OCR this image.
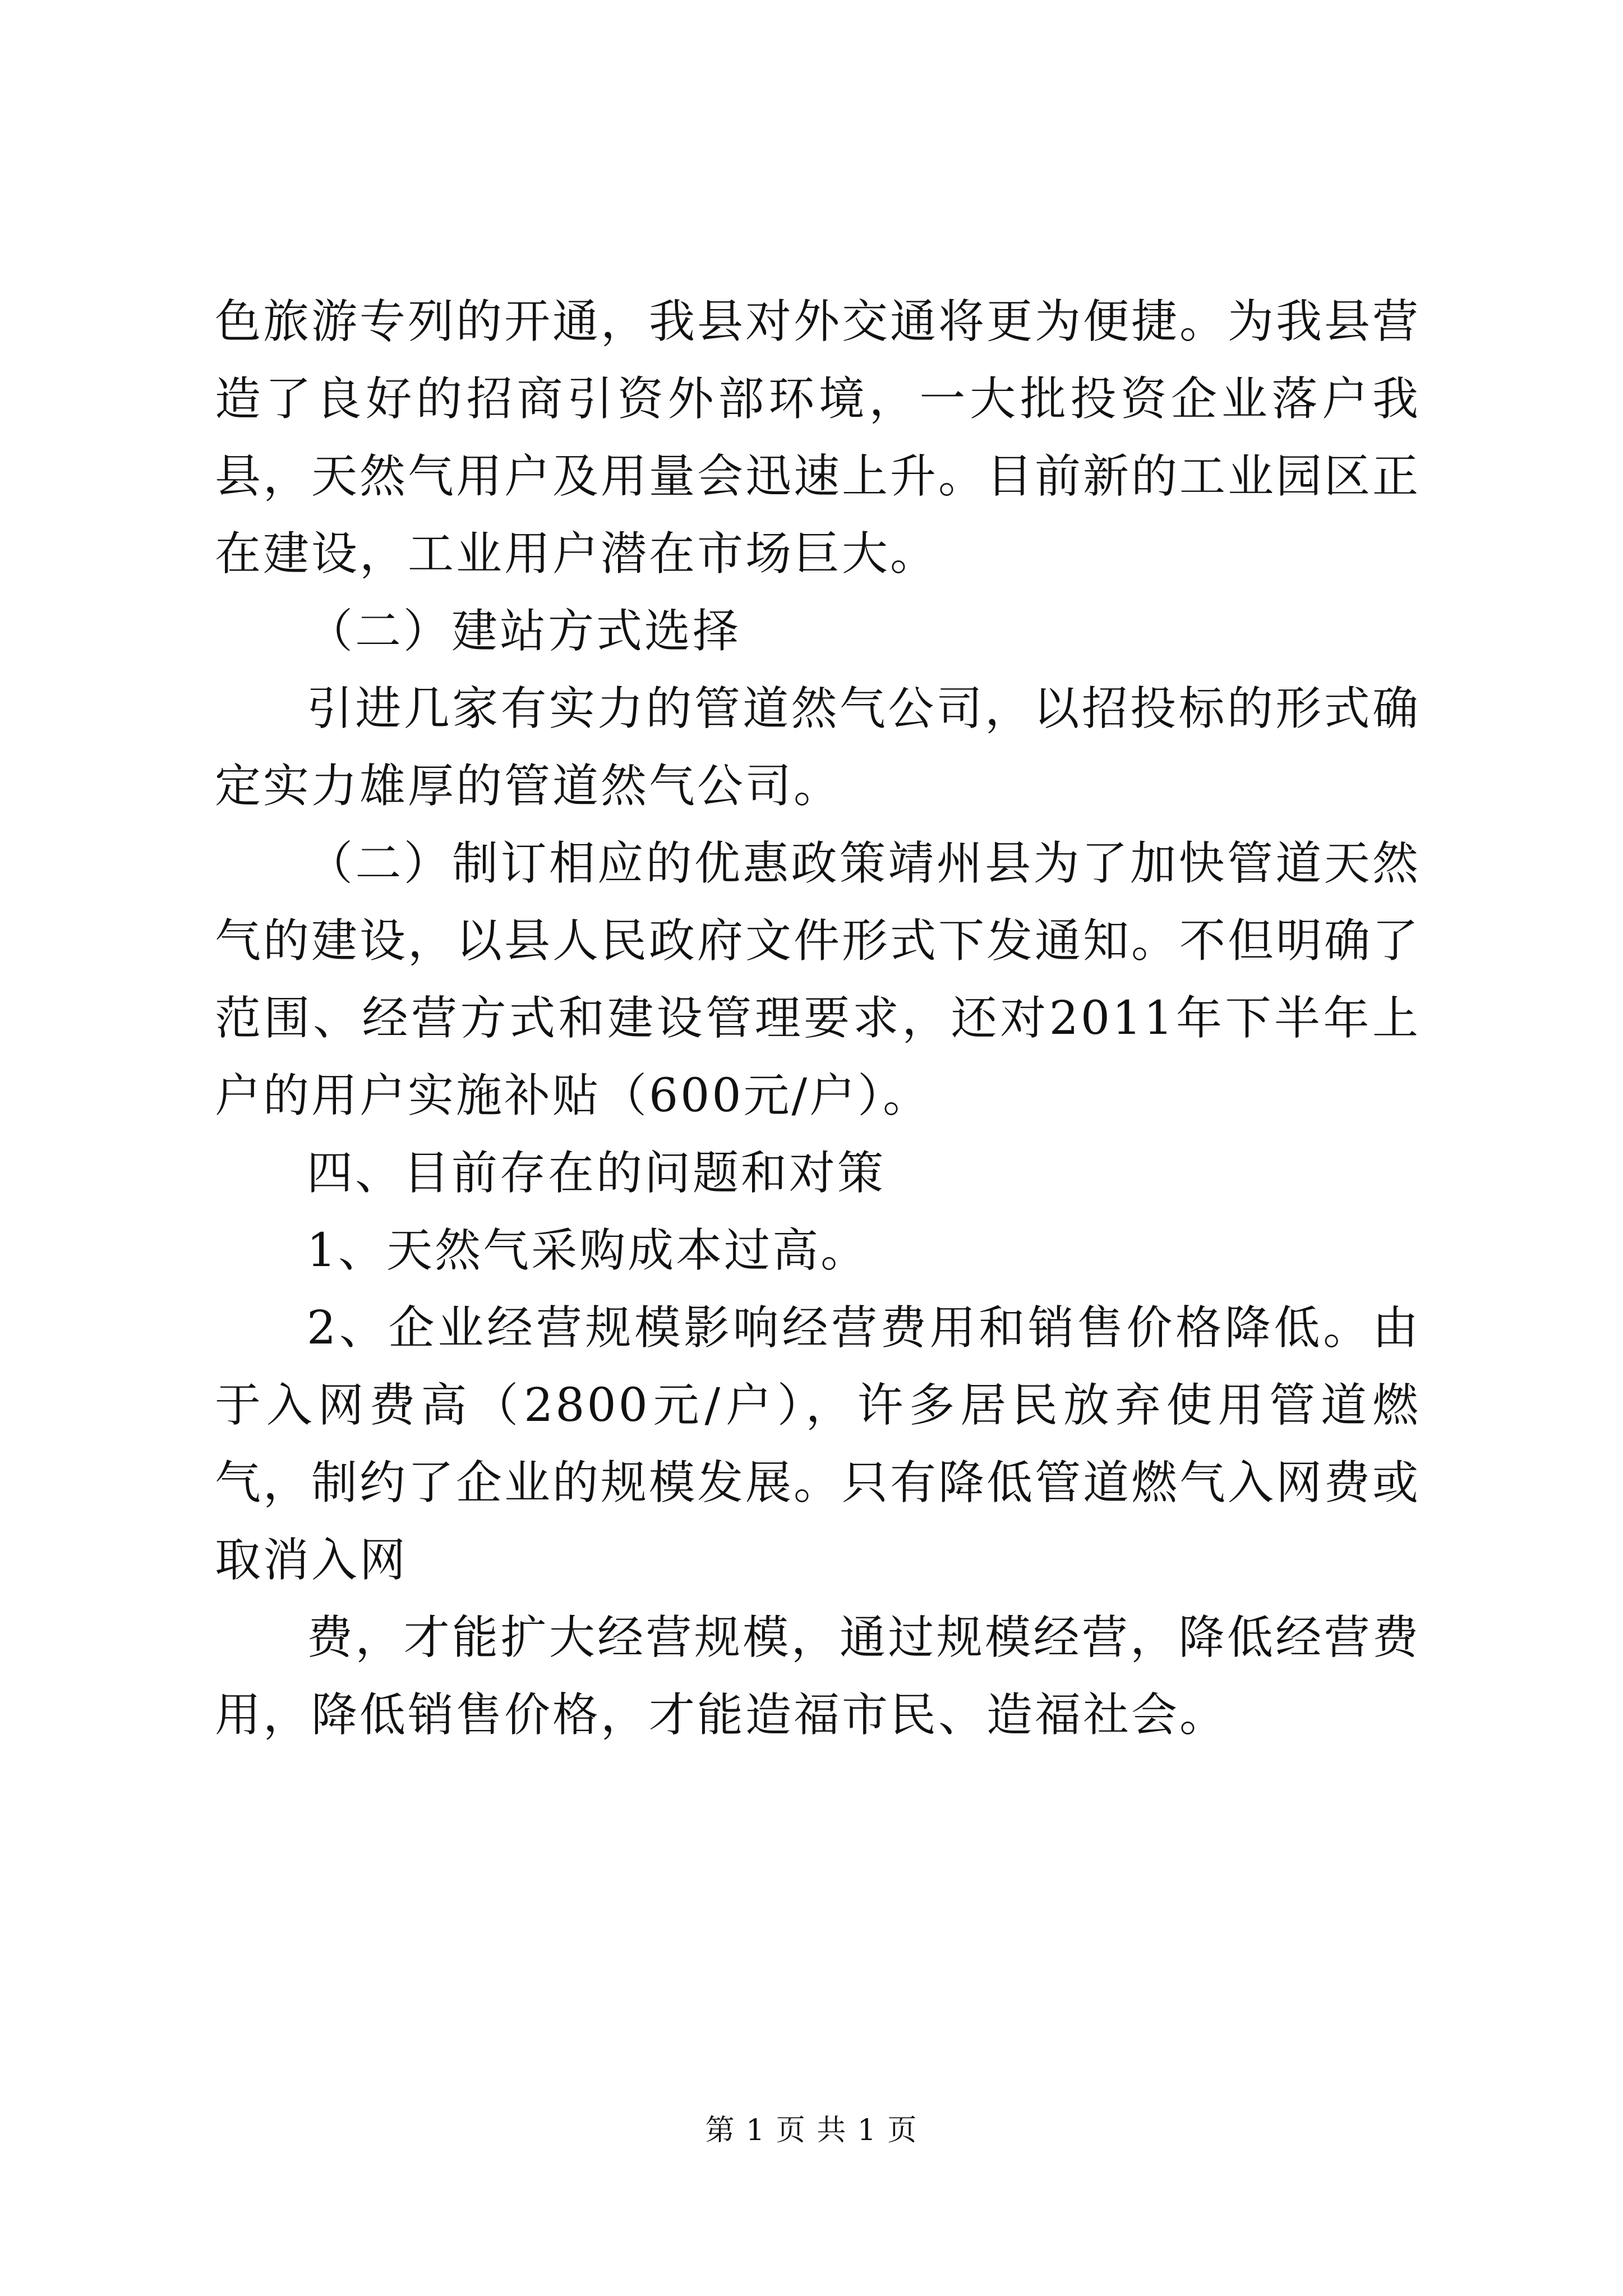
色旅游专列的开通，我县对外交通将更为便捷。为我县营造了良好的招商引资外部环境，一大批投资企业落户我县，天然气用户及用量会迅速上升。目前新的工业园区正在建设，工业用户潜在市场巨大。

（二）建站方式选择

引进几家有实力的管道然气公司，以招投标的形式确定实力雄厚的管道然气公司。

（二）制订相应的优惠政策靖州县为了加快管道天然气的建设，以县人民政府文件形式下发通知。不但明确了范围、经营方式和建设管理要求，还对2011年下半年上户的用户实施补贴（600元/户）。

四、目前存在的问题和对策

1、天然气采购成本过高。

2、企业经营规模影响经营费用和销售价格降低。由于入网费高（2800元/户），许多居民放弃使用管道燃气，制约了企业的规模发展。只有降低管道燃气入网费或取消入网

费，才能扩大经营规模，通过规模经营，降低经营费用，降低销售价格，才能造福市民、造福社会。

第 1 页 共 1 页
